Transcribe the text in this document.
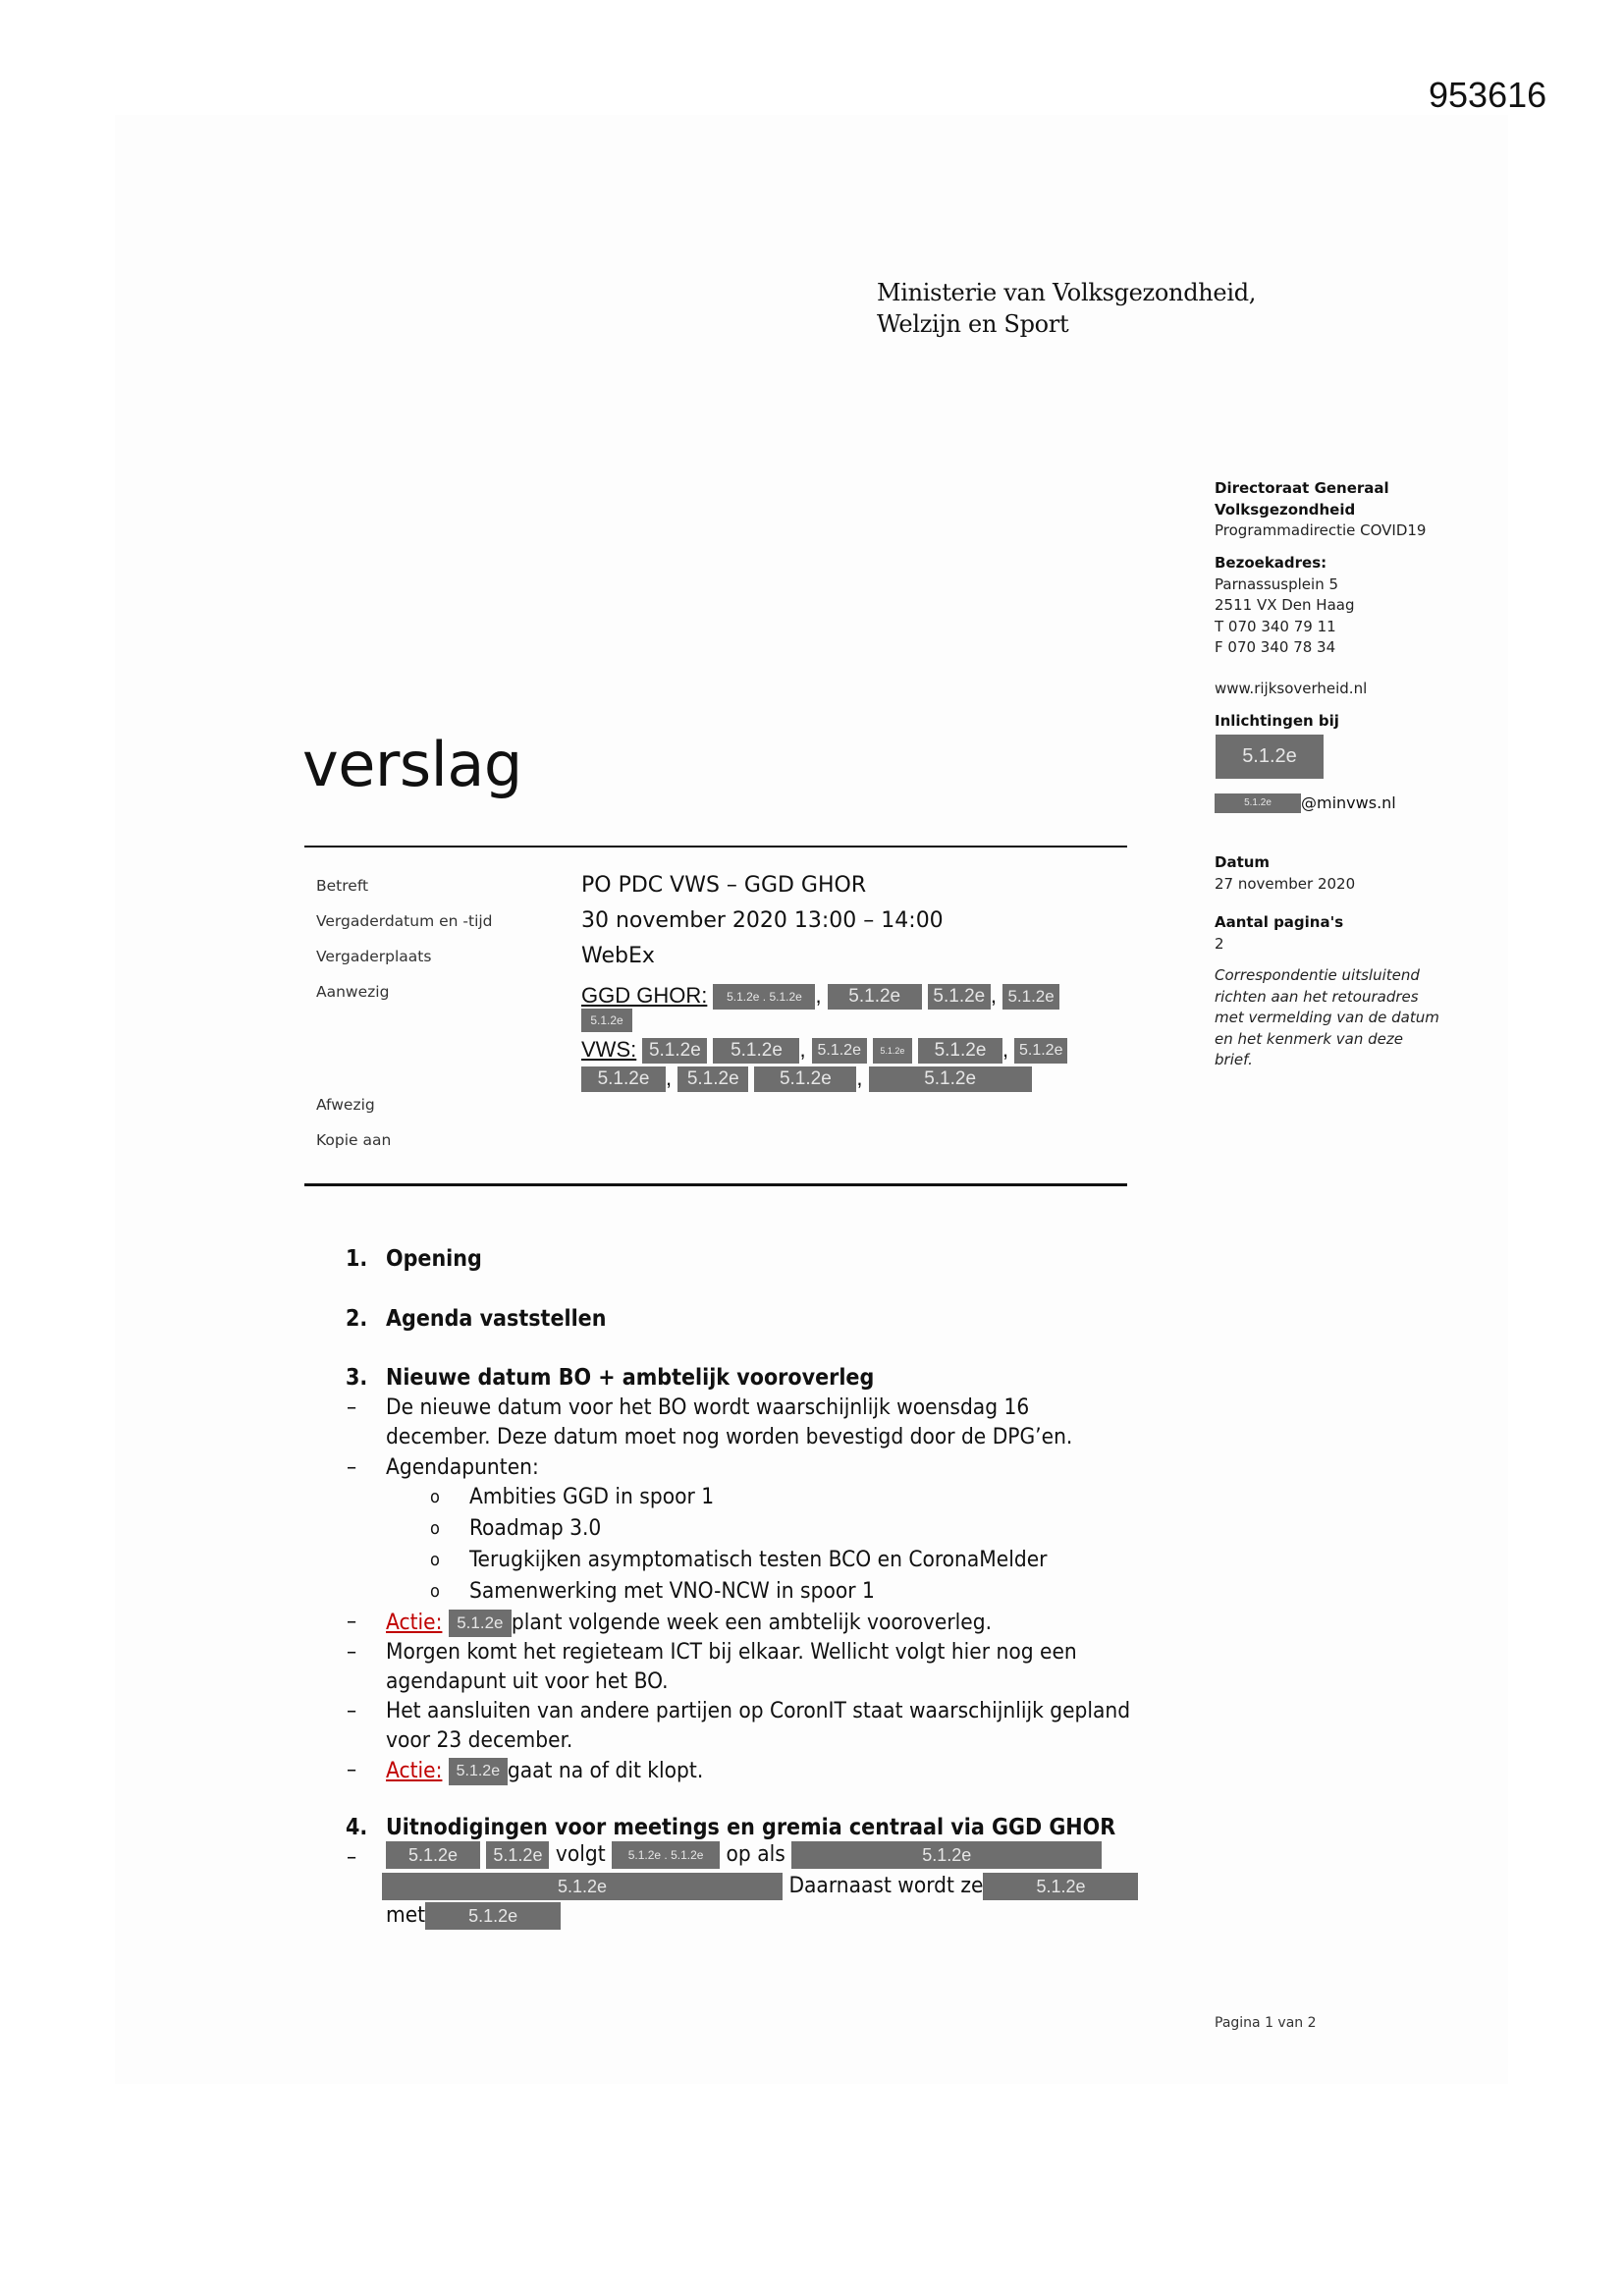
953616
Ministerie van Volksgezondheid,
Welzijn en Sport
Directoraat Generaal
Volksgezondheid
Programmadirectie COVID19
Bezoekadres:
Parnassusplein 5
2511 VX Den Haag
T 070 340 79 11
F 070 340 78 34
www.rijksoverheid.nl
Inlichtingen bij
5.1.2e
5.1.2e @minvws.nl
Datum
27 november 2020
Aantal pagina's
2
Correspondentie uitsluitend
richten aan het retouradres
met vermelding van de datum
en het kenmerk van deze
brief.
verslag
Betreft	PO PDC VWS – GGD GHOR
Vergaderdatum en -tijd	30 november 2020 13:00 – 14:00
Vergaderplaats	WebEx
Aanwezig	GGD GHOR: 5.1.2e . 5.1.2e , 5.1.2e 5.1.2e , 5.1.2e
5.1.2e
VWS: 5.1.2e 5.1.2e , 5.1.2e 5.1.2e 5.1.2e , 5.1.2e
5.1.2e , 5.1.2e 5.1.2e ,	5.1.2e
Afwezig
Kopie aan
1. Opening
2. Agenda vaststellen
3. Nieuwe datum BO + ambtelijk vooroverleg
– De nieuwe datum voor het BO wordt waarschijnlijk woensdag 16
december. Deze datum moet nog worden bevestigd door de DPG’en.
– Agendapunten:
o Ambities GGD in spoor 1
o Roadmap 3.0
o Terugkijken asymptomatisch testen BCO en CoronaMelder
o Samenwerking met VNO-NCW in spoor 1
– Actie: 5.1.2e plant volgende week een ambtelijk vooroverleg.
– Morgen komt het regieteam ICT bij elkaar. Wellicht volgt hier nog een
agendapunt uit voor het BO.
– Het aansluiten van andere partijen op CoronIT staat waarschijnlijk gepland
voor 23 december.
– Actie: 5.1.2e gaat na of dit klopt.
4. Uitnodigingen voor meetings en gremia centraal via GGD GHOR
–	5.1.2e 5.1.2e volgt 5.1.2e . 5.1.2e op als	5.1.2e
5.1.2e	Daarnaast wordt ze	5.1.2e
met 5.1.2e
Pagina 1 van 2
